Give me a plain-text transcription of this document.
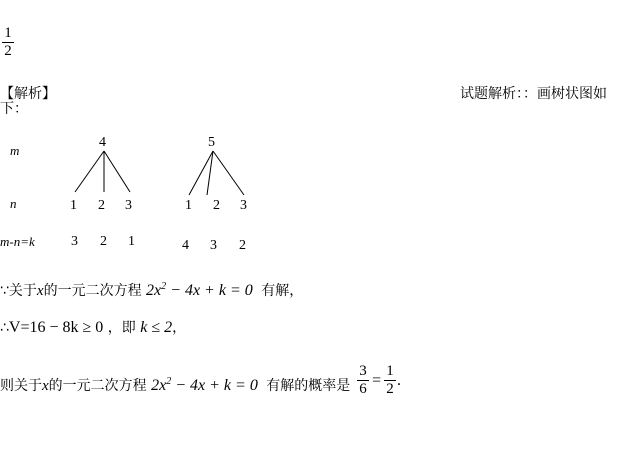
1
2
【解析】	试题解析：：画树状图如
下：
m
n
m-n=k
4
1 2 3
3 2 1
5
1 2 3
4 3 2
∵关于x的一元二次方程 $2x^2 - 4x + k = 0$ 有解，
∴V=16 − 8k ≥ 0 ，即 k ≤ 2，
则关于x的一元二次方程 $2x^2 - 4x + k = 0$ 有解的概率是
3
6 =
1
2 .
